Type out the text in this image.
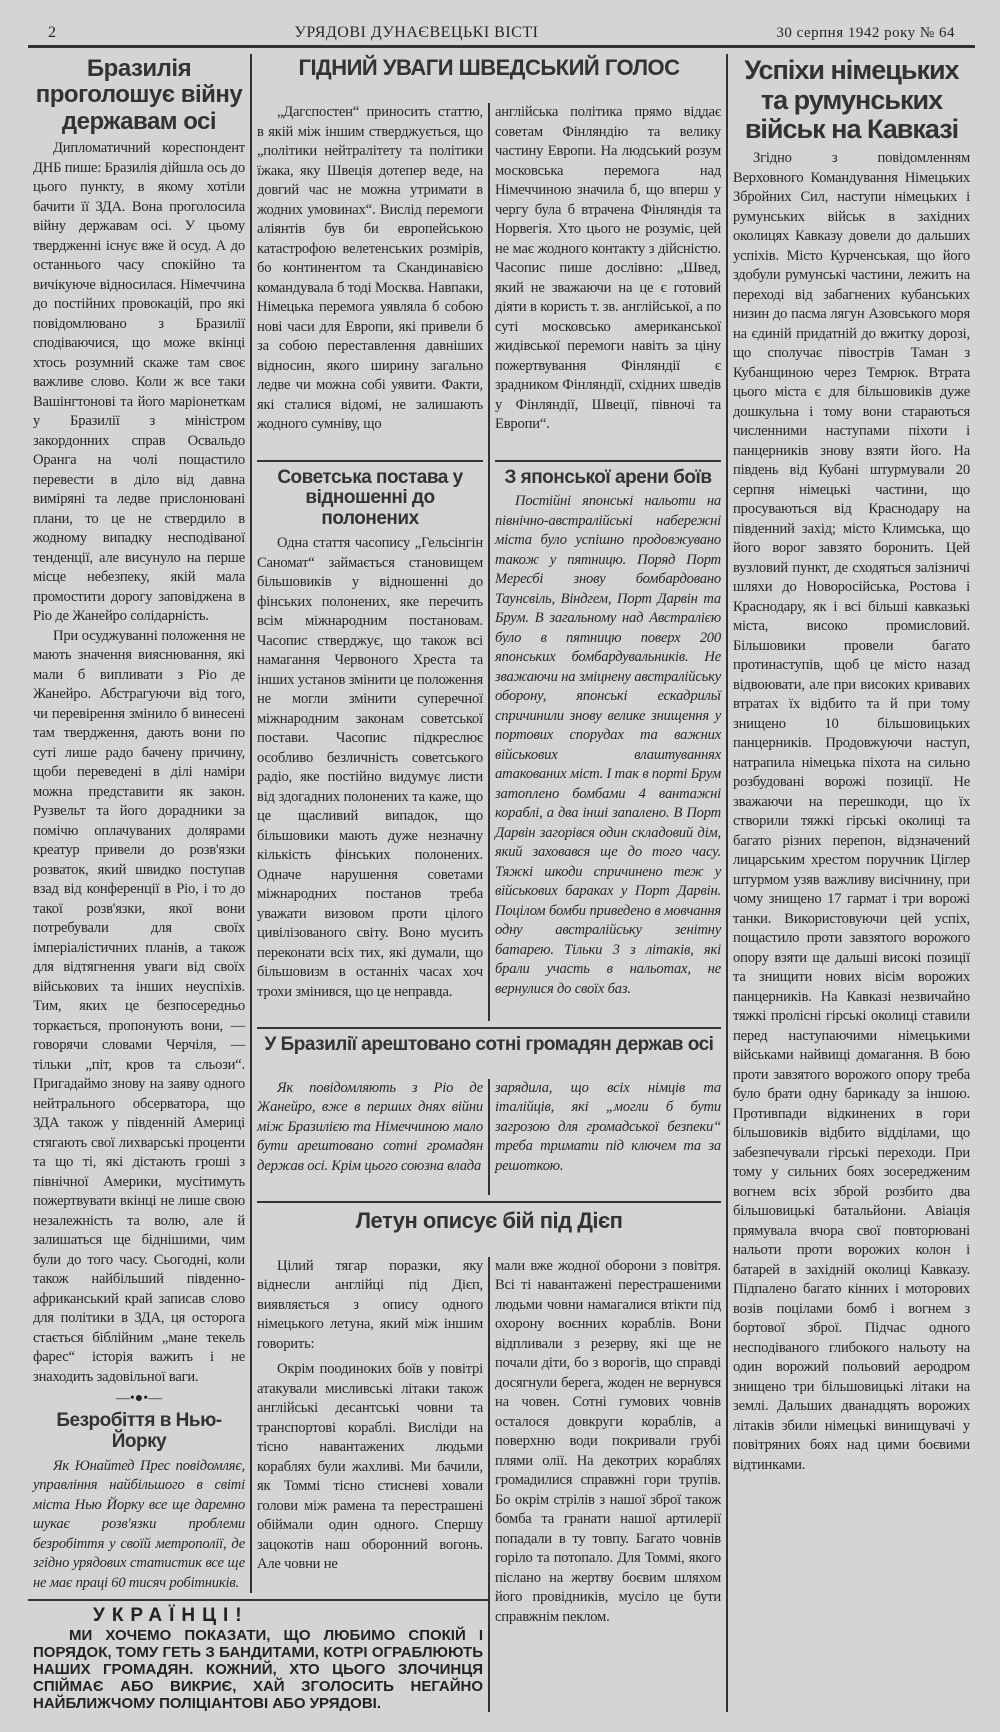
2	УРЯДОВІ ДУНАЄВЕЦЬКІ ВІСТІ	30 серпня 1942 року № 64
Бразилія проголошує війну державам осі

Дипломатичний кореспондент ДНБ пише: Бразилія дійшла ось до цього пункту, в якому хотіли бачити її ЗДА. Вона проголосила війну державам осі. У цьому твердженні існує вже й осуд. А до останнього часу спокійно та вичікуюче відносилася. Німеччина до постійних провокацій, про які повідомлювано з Бразилії сподіваючися, що може вкінці хтось розумний скаже там своє важливе слово. Коли ж все таки Вашінгтонові та його маріонеткам у Бразилії з міністром закордонних справ Освальдо Оранга на чолі пощастило перевести в діло від давна виміряні та ледве прислонювані плани, то це не ствердило в жодному випадку несподіваної тенденції, але висунуло на перше місце небезпеку, якій мала промостити дорогу заповіджена в Ріо де Жанейро солідарність.

При осуджуванні положення не мають значення вияснювання, які мали б випливати з Ріо де Жанейро. Абстрагуючи від того, чи перевірення змінило б винесені там твердження, дають вони по суті лише радо бачену причину, щоби переведені в ділі наміри можна представити як закон. Рузвельт та його дорадники за помічю оплачуваних долярами креатур привели до розв'язки розваток, який швидко поступав взад від конференції в Ріо, і то до такої розв'язки, якої вони потребували для своїх імперіалістичних планів, а також для відтягнення уваги від своїх військових та інших неуспіхів. Тим, яких це безпосередньо торкається, пропонують вони, — говорячи словами Черчіля, — тільки „піт, кров та сльози“. Пригадаймо знову на заяву одного нейтрального обсерватора, що ЗДА також у південній Америці стягають свої лихварські проценти та що ті, які дістають гроші з північної Америки, мусітимуть пожертвувати вкінці не лише свою незалежність та волю, але й залишаться ще біднішими, чим були до того часу. Сьогодні, коли також найбільший південно-африканський край записав слово для політики в ЗДА, ця осторога стається біблійним „мане текель фарес“ історія важить і не знаходить задовільної ваги.

—•●•—
Безробіття в Нью-Йорку

Як Юнайтед Прес повідомляє, управління найбільшого в світі міста Нью Йорку все ще даремно шукає розв'язки проблеми безробіття у своїй метрополії, де згідно урядових статистик все ще не має праці 60 тисяч робітників.

ГІДНИЙ УВАГИ ШВЕДСЬКИЙ ГОЛОС

„Дагспостен“ приносить статтю, в якій між іншим стверджується, що „політики нейтралітету та політики їжака, яку Швеція дотепер веде, на довгий час не можна утримати в жодних умовинах“. Вислід перемоги аліянтів був би европейською катастрофою велетенських розмірів, бо континентом та Скандинавією командувала б тоді Москва. Навпаки, Німецька перемога уявляла б собою нові часи для Европи, які привели б за собою переставлення давніших відносин, якого ширину загально ледве чи можна собі уявити. Факти, які сталися відомі, не залишають жодного сумніву, що

англійська політика прямо віддає советам Фінляндію та велику частину Европи. На людський розум московська перемога над Німеччиною значила б, що вперш у чергу була б втрачена Фінляндія та Норвегія. Хто цього не розуміє, цей не має жодного контакту з дійсністю. Часопис пише дослівно: „Швед, який не зважаючи на це є готовий діяти в користь т. зв. англійської, а по суті московсько американської жидівської перемоги навіть за ціну пожертвування Фінляндії є зрадником Фінляндії, східних шведів у Фінляндії, Швеції, півночі та Европи“.

Советська постава у відношенні до полонених

Одна стаття часопису „Гельсінгін Саномат“ займається становищем більшовиків у відношенні до фінських полонених, яке перечить всім міжнародним постановам. Часопис стверджує, що також всі намагання Червоного Хреста та інших установ змінити це положення не могли змінити суперечної міжнародним законам советської постави. Часопис підкреслює особливо безличність советського радіо, яке постійно видумує листи від здогадних полонених та каже, що це щасливий випадок, що більшовики мають дуже незначну кількість фінських полонених. Одначе нарушення советами міжнародних постанов треба уважати визовом проти цілого цивілізованого світу. Воно мусить переконати всіх тих, які думали, що більшовизм в останніх часах хоч трохи змінився, що це неправда.

З японської арени боїв

Постійні японські нальоти на північно-австралійські набережні міста було успішно продовжувано також у пятницю. Поряд Порт Мересбі знову бомбардовано Таунсвіль, Віндгем, Порт Дарвін та Брум. В загальному над Австралією було в пятницю поверх 200 японських бомбардувальників. Не зважаючи на зміцнену австралійську оборону, японські ескадрильї спричинили знову велике знищення у портових спорудах та важних військових влаштуваннях атакованих міст. І так в порті Брум затоплено бомбами 4 вантажні кораблі, а два інші запалено. В Порт Дарвін загорівся один складовий дім, який заховався ще до того часу. Тяжкі шкоди спричинено теж у військових бараках у Порт Дарвін. Поцілом бомби приведено в мовчання одну австралійську зенітну батарею. Тільки 3 з літаків, які брали участь в нальотах, не вернулися до своїх баз.

У Бразилії арештовано сотні громадян держав осі

Як повідомляють з Ріо де Жанейро, вже в перших днях війни між Бразилією та Німеччиною мало бути арештовано сотні громадян держав осі. Крім цього союзна влада

зарядила, що всіх німців та італійців, які „могли б бути загрозою для громадської безпеки“ треба тримати під ключем та за решоткою.

Летун описує бій під Дієп

Цілий тягар поразки, яку віднесли англійці під Дієп, виявляється з опису одного німецького летуна, який між іншим говорить:

Окрім поодиноких боїв у повітрі атакували мисливські літаки також англійські десантські човни та транспортові кораблі. Висліди на тісно навантажених людьми кораблях були жахливі. Ми бачили, як Томмі тісно стисневі ховали голови між рамена та перестрашені обіймали один одного. Спершу зацокотів наш оборонний вогонь. Але човни не

мали вже жодної оборони з повітря. Всі ті навантажені перестрашеними людьми човни намагалися втікти під охорону воєнних кораблів. Вони відпливали з резерву, які ще не почали діти, бо з ворогів, що справді досягнули берега, жоден не вернувся на човен. Сотні гумових човнів осталося довкруги кораблів, а поверхню води покривали грубі плями олії. На декотрих кораблях громадилися справжні гори трупів. Бо окрім стрілів з нашої зброї також бомба та гранати нашої артилерії попадали в ту товпу. Багато човнів горіло та потопало. Для Томмі, якого післано на жертву боєвим шляхом його провідників, мусіло це бути справжнім пеклом.

УКРАЇНЦІ!
МИ ХОЧЕМО ПОКАЗАТИ, ЩО ЛЮБИМО СПОКІЙ І ПОРЯДОК, ТОМУ ГЕТЬ З БАНДИТАМИ, КОТРІ ОГРАБЛЮЮТЬ НАШИХ ГРОМАДЯН. КОЖНИЙ, ХТО ЦЬОГО ЗЛОЧИНЦЯ СПІЙМАЄ АБО ВИКРИЄ, ХАЙ ЗГОЛОСИТЬ НЕГАЙНО НАЙБЛИЖЧОМУ ПОЛІЦІАНТОВІ АБО УРЯДОВІ.
Успіхи німецьких та румунських військ на Кавказі

Згідно з повідомленням Верховного Командування Німецьких Збройних Сил, наступи німецьких і румунських військ в західних околицях Кавказу довели до дальших успіхів. Місто Курченськая, що його здобули румунські частини, лежить на переході від забагнених кубанських низин до пасма лягун Азовського моря на єдиній придатній до вжитку дорозі, що сполучає півострів Таман з Кубанщиною через Темрюк. Втрата цього міста є для більшовиків дуже дошкульна і тому вони стараються численними наступами піхоти і панцерників знову взяти його. На південь від Кубані штурмували 20 серпня німецькі частини, що просуваються від Краснодару на південний захід; місто Климська, що його ворог завзято боронить. Цей вузловий пункт, де сходяться залізничі шляхи до Новоросійська, Ростова і Краснодару, як і всі більші кавказькі міста, високо промисловий. Більшовики провели багато протинаступів, щоб це місто назад відвоювати, але при високих кривавих втратах їх відбито та й при тому знищено 10 більшовицьких панцерників. Продовжуючи наступ, натрапила німецька піхота на сильно розбудовані ворожі позиції. Не зважаючи на перешкоди, що їх створили тяжкі гірські околиці та багато різних перепон, відзначений лицарським хрестом поручник Ціглер штурмом узяв важливу висічнину, при чому знищено 17 гармат і три ворожі танки. Використовуючи цей успіх, пощастило проти завзятого ворожого опору взяти ще дальші високі позиції та знищити нових вісім ворожих панцерників. На Кавказі незвичайно тяжкі пролісні гірські околиці ставили перед наступаючими німецькими військами найвищі домагання. В бою проти завзятого ворожого опору треба було брати одну барикаду за іншою. Противпади відкинених в гори більшовиків відбито відділами, що забезпечували гірські переходи. При тому у сильних боях зосередженим вогнем всіх зброй розбито два більшовицькі батальйони. Авіація прямувала вчора свої повторювані нальоти проти ворожих колон і батарей в західній околиці Кавказу. Підпалено багато кінних і моторових возів поцілами бомб і вогнем з бортової зброї. Підчас одного несподіваного глибокого нальоту на один ворожий польовий аеродром знищено три більшовицькі літаки на землі. Дальших дванадцять ворожих літаків збили німецькі винищувачі у повітряних боях над цими боєвими відтинками.
